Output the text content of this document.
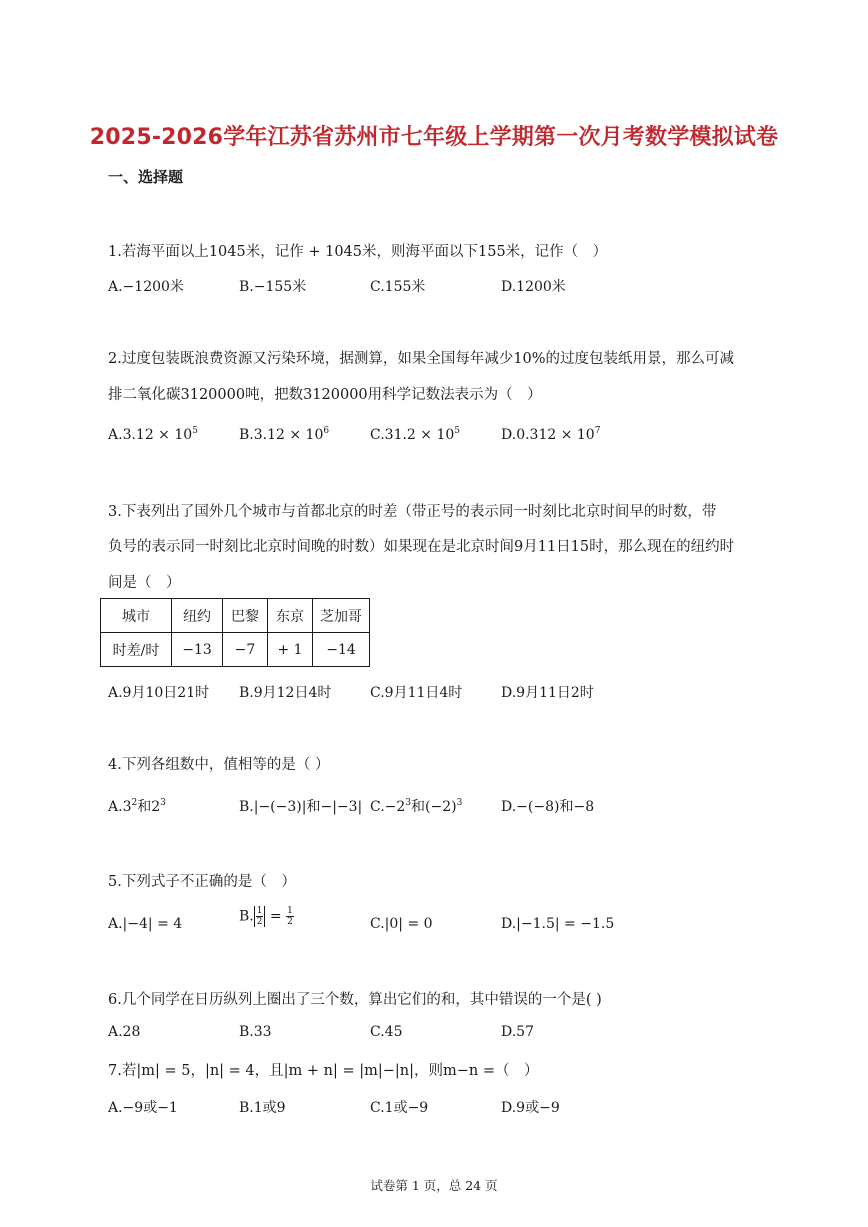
2025-2026学年江苏省苏州市七年级上学期第一次月考数学模拟试卷
一、选择题
1.若海平面以上1045米，记作 + 1045米，则海平面以下155米，记作（　）
A.−1200米	B.−155米	C.155米	D.1200米
2.过度包装既浪费资源又污染环境，据测算，如果全国每年减少10%的过度包装纸用景，那么可减
排二氧化碳3120000吨，把数3120000用科学记数法表示为（　）
$A.3.12 \times 10^5$	$B.3.12 \times 10^6$	$C.31.2 \times 10^5$	$D.0.312 \times 10^7$
3.下表列出了国外几个城市与首都北京的时差（带正号的表示同一时刻比北京时间早的时数，带
负号的表示同一时刻比北京时间晚的时数）如果现在是北京时间9月11日15时，那么现在的纽约时
间是（　）
城市	纽约	巴黎	东京	芝加哥
时差/时	−13	−7	+ 1	−14
A.9月10日21时 B.9月12日4时	C.9月11日4时	D.9月11日2时
4.下列各组数中，值相等的是（ ）
$A.3^2$和$2^3$	B.|−(−3)|和−|−3| $C.-2^3$和$(-2)^3$	D.−(−8)和−8
5.下列式子不正确的是（　）
A.|−4| = 4	B. $\frac{1}{2} = \frac{1}{2}$	C.|0| = 0	D.|−1.5| = −1.5
6.几个同学在日历纵列上圈出了三个数，算出它们的和，其中错误的一个是( )
A.28	B.33	C.45	D.57
7.若|m| = 5，|n| = 4，且|m + n| = |m|−|n|，则m−n =（　）
A.−9或−1	B.1或9	C.1或−9	D.9或−9
试卷第 1 页，总 24 页
